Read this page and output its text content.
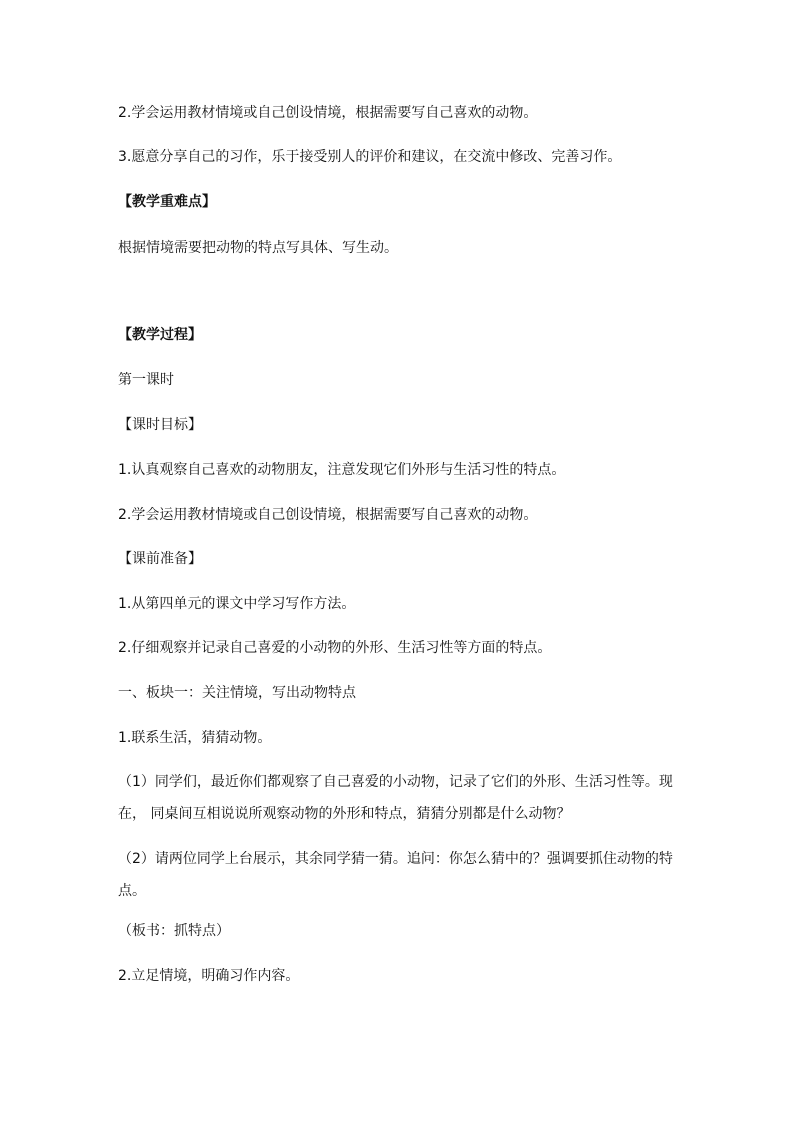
2.学会运用教材情境或自己创设情境，根据需要写自己喜欢的动物。
3.愿意分享自己的习作，乐于接受别人的评价和建议，在交流中修改、完善习作。
【教学重难点】
根据情境需要把动物的特点写具体、写生动。
【教学过程】
第一课时
【课时目标】
1.认真观察自己喜欢的动物朋友，注意发现它们外形与生活习性的特点。
2.学会运用教材情境或自己创设情境，根据需要写自己喜欢的动物。
【课前准备】
1.从第四单元的课文中学习写作方法。
2.仔细观察并记录自己喜爱的小动物的外形、生活习性等方面的特点。
一、板块一：关注情境，写出动物特点
1.联系生活，猜猜动物。
（1）同学们，最近你们都观察了自己喜爱的小动物，记录了它们的外形、生活习性等。现在， 同桌间互相说说所观察动物的外形和特点，猜猜分别都是什么动物？
（2）请两位同学上台展示，其余同学猜一猜。追问：你怎么猜中的？强调要抓住动物的特点。
（板书：抓特点）
2.立足情境，明确习作内容。
